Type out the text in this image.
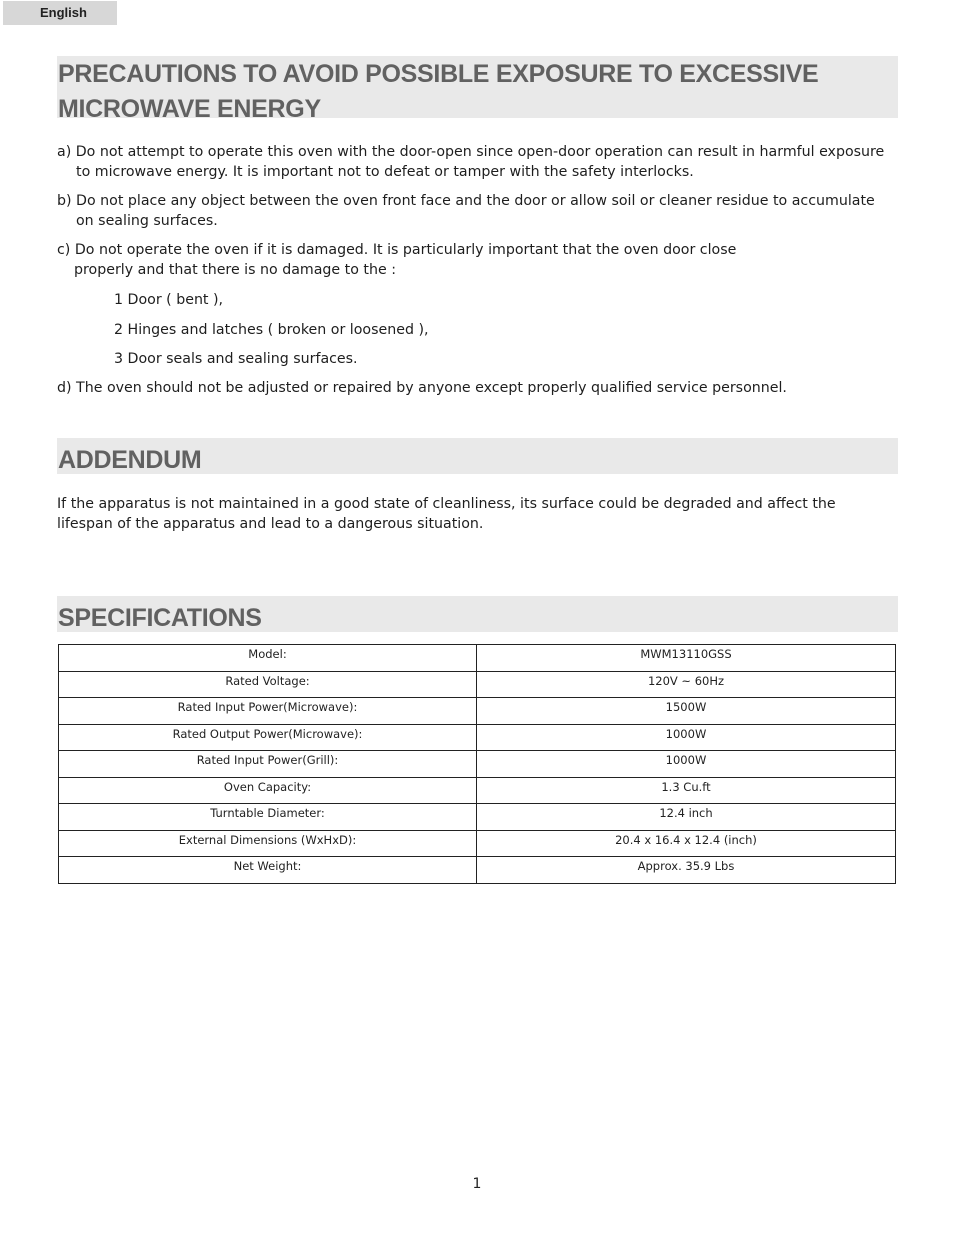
English
PRECAUTIONS TO AVOID POSSIBLE EXPOSURE TO EXCESSIVE
MICROWAVE ENERGY
a) Do not attempt to operate this oven with the door-open since open-door operation can result in harmful exposure to microwave energy. It is important not to defeat or tamper with the safety interlocks.
b) Do not place any object between the oven front face and the door or allow soil or cleaner residue to accumulate on sealing surfaces.
c) Do not operate the oven if it is damaged. It is particularly important that the oven door close
properly and that there is no damage to the :
1 Door ( bent ),
2 Hinges and latches ( broken or loosened ),
3 Door seals and sealing surfaces.
d) The oven should not be adjusted or repaired by anyone except properly qualified service personnel.
ADDENDUM
If the apparatus is not maintained in a good state of cleanliness, its surface could be degraded and affect the lifespan of the apparatus and lead to a dangerous situation.
SPECIFICATIONS
Model:	MWM13110GSS
Rated Voltage:	120V ~ 60Hz
Rated Input Power(Microwave):	1500W
Rated Output Power(Microwave):	1000W
Rated Input Power(Grill):	1000W
Oven Capacity:	1.3 Cu.ft
Turntable Diameter:	12.4 inch
External Dimensions (WxHxD):	20.4 x 16.4 x 12.4 (inch)
Net Weight:	Approx. 35.9 Lbs
1
